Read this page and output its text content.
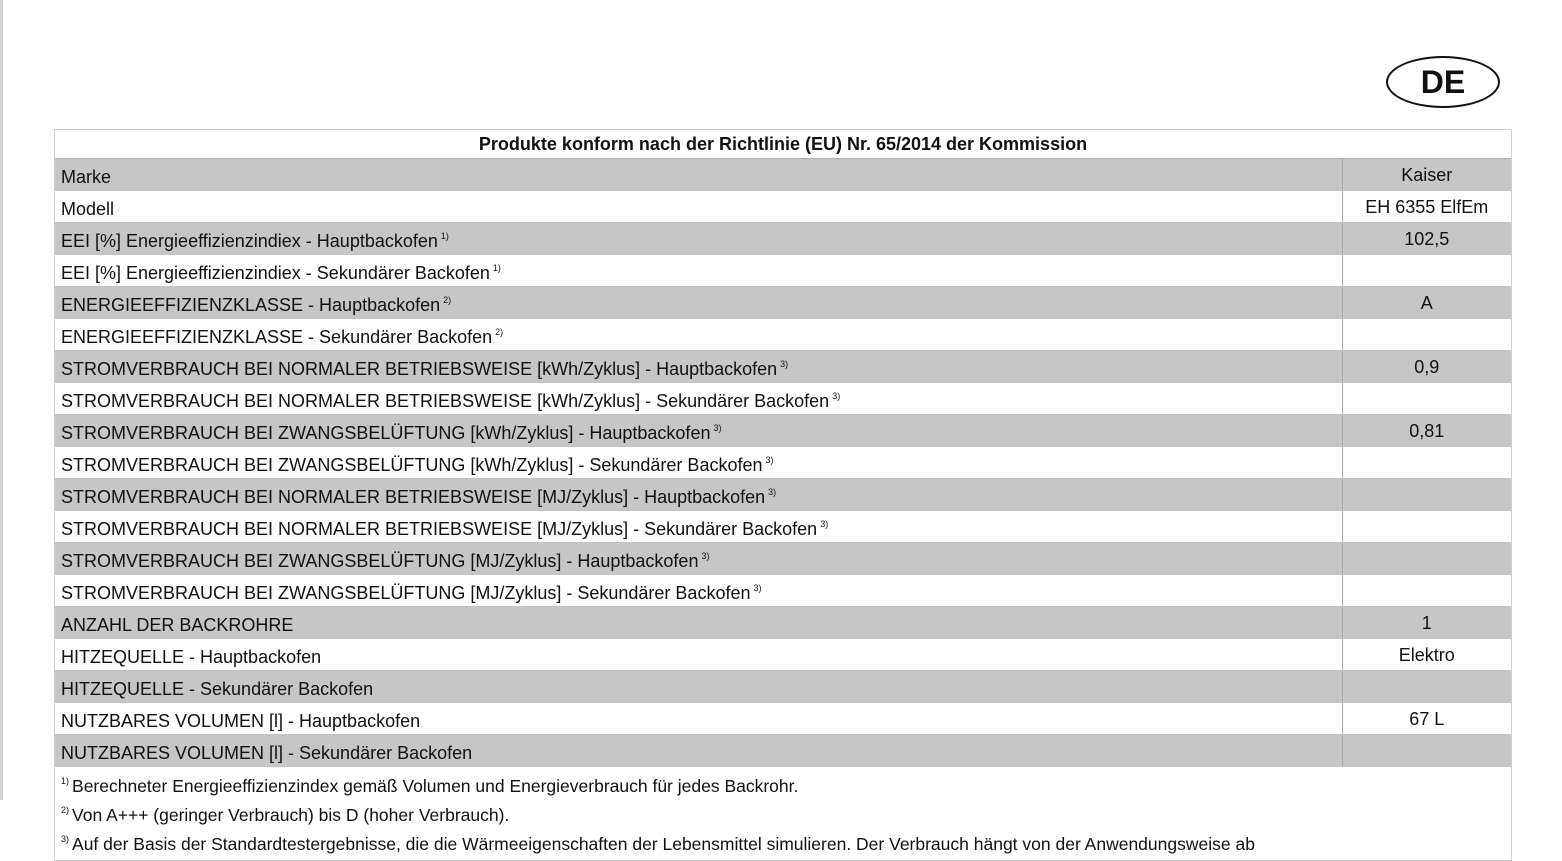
DE
Produkte konform nach der Richtlinie (EU) Nr. 65/2014 der Kommission
Marke	Kaiser
Modell	EH 6355 ElfEm
EEI [%] Energieeffizienzindiex - Hauptbackofen $^{1)}$	102,5
EEI [%] Energieeffizienzindiex - Sekundärer Backofen $^{1)}$	
ENERGIEEFFIZIENZKLASSE - Hauptbackofen $^{2)}$	A
ENERGIEEFFIZIENZKLASSE - Sekundärer Backofen $^{2)}$	
STROMVERBRAUCH BEI NORMALER BETRIEBSWEISE [kWh/Zyklus] - Hauptbackofen $^{3)}$	0,9
STROMVERBRAUCH BEI NORMALER BETRIEBSWEISE [kWh/Zyklus] - Sekundärer Backofen $^{3)}$	
STROMVERBRAUCH BEI ZWANGSBELÜFTUNG [kWh/Zyklus] - Hauptbackofen $^{3)}$	0,81
STROMVERBRAUCH BEI ZWANGSBELÜFTUNG [kWh/Zyklus] - Sekundärer Backofen $^{3)}$	
STROMVERBRAUCH BEI NORMALER BETRIEBSWEISE [MJ/Zyklus] - Hauptbackofen $^{3)}$	
STROMVERBRAUCH BEI NORMALER BETRIEBSWEISE [MJ/Zyklus] - Sekundärer Backofen $^{3)}$	
STROMVERBRAUCH BEI ZWANGSBELÜFTUNG [MJ/Zyklus] - Hauptbackofen $^{3)}$	
STROMVERBRAUCH BEI ZWANGSBELÜFTUNG [MJ/Zyklus] - Sekundärer Backofen $^{3)}$	
ANZAHL DER BACKROHRE	1
HITZEQUELLE - Hauptbackofen	Elektro
HITZEQUELLE - Sekundärer Backofen	
NUTZBARES VOLUMEN [l] - Hauptbackofen	67 L
NUTZBARES VOLUMEN [l] - Sekundärer Backofen	
$^{1)}$ Berechneter Energieeffizienzindex gemäß Volumen und Energieverbrauch für jedes Backrohr.
$^{2)}$ Von A+++ (geringer Verbrauch) bis D (hoher Verbrauch).
$^{3)}$ Auf der Basis der Standardtestergebnisse, die die Wärmeeigenschaften der Lebensmittel simulieren. Der Verbrauch hängt von der Anwendungsweise ab
